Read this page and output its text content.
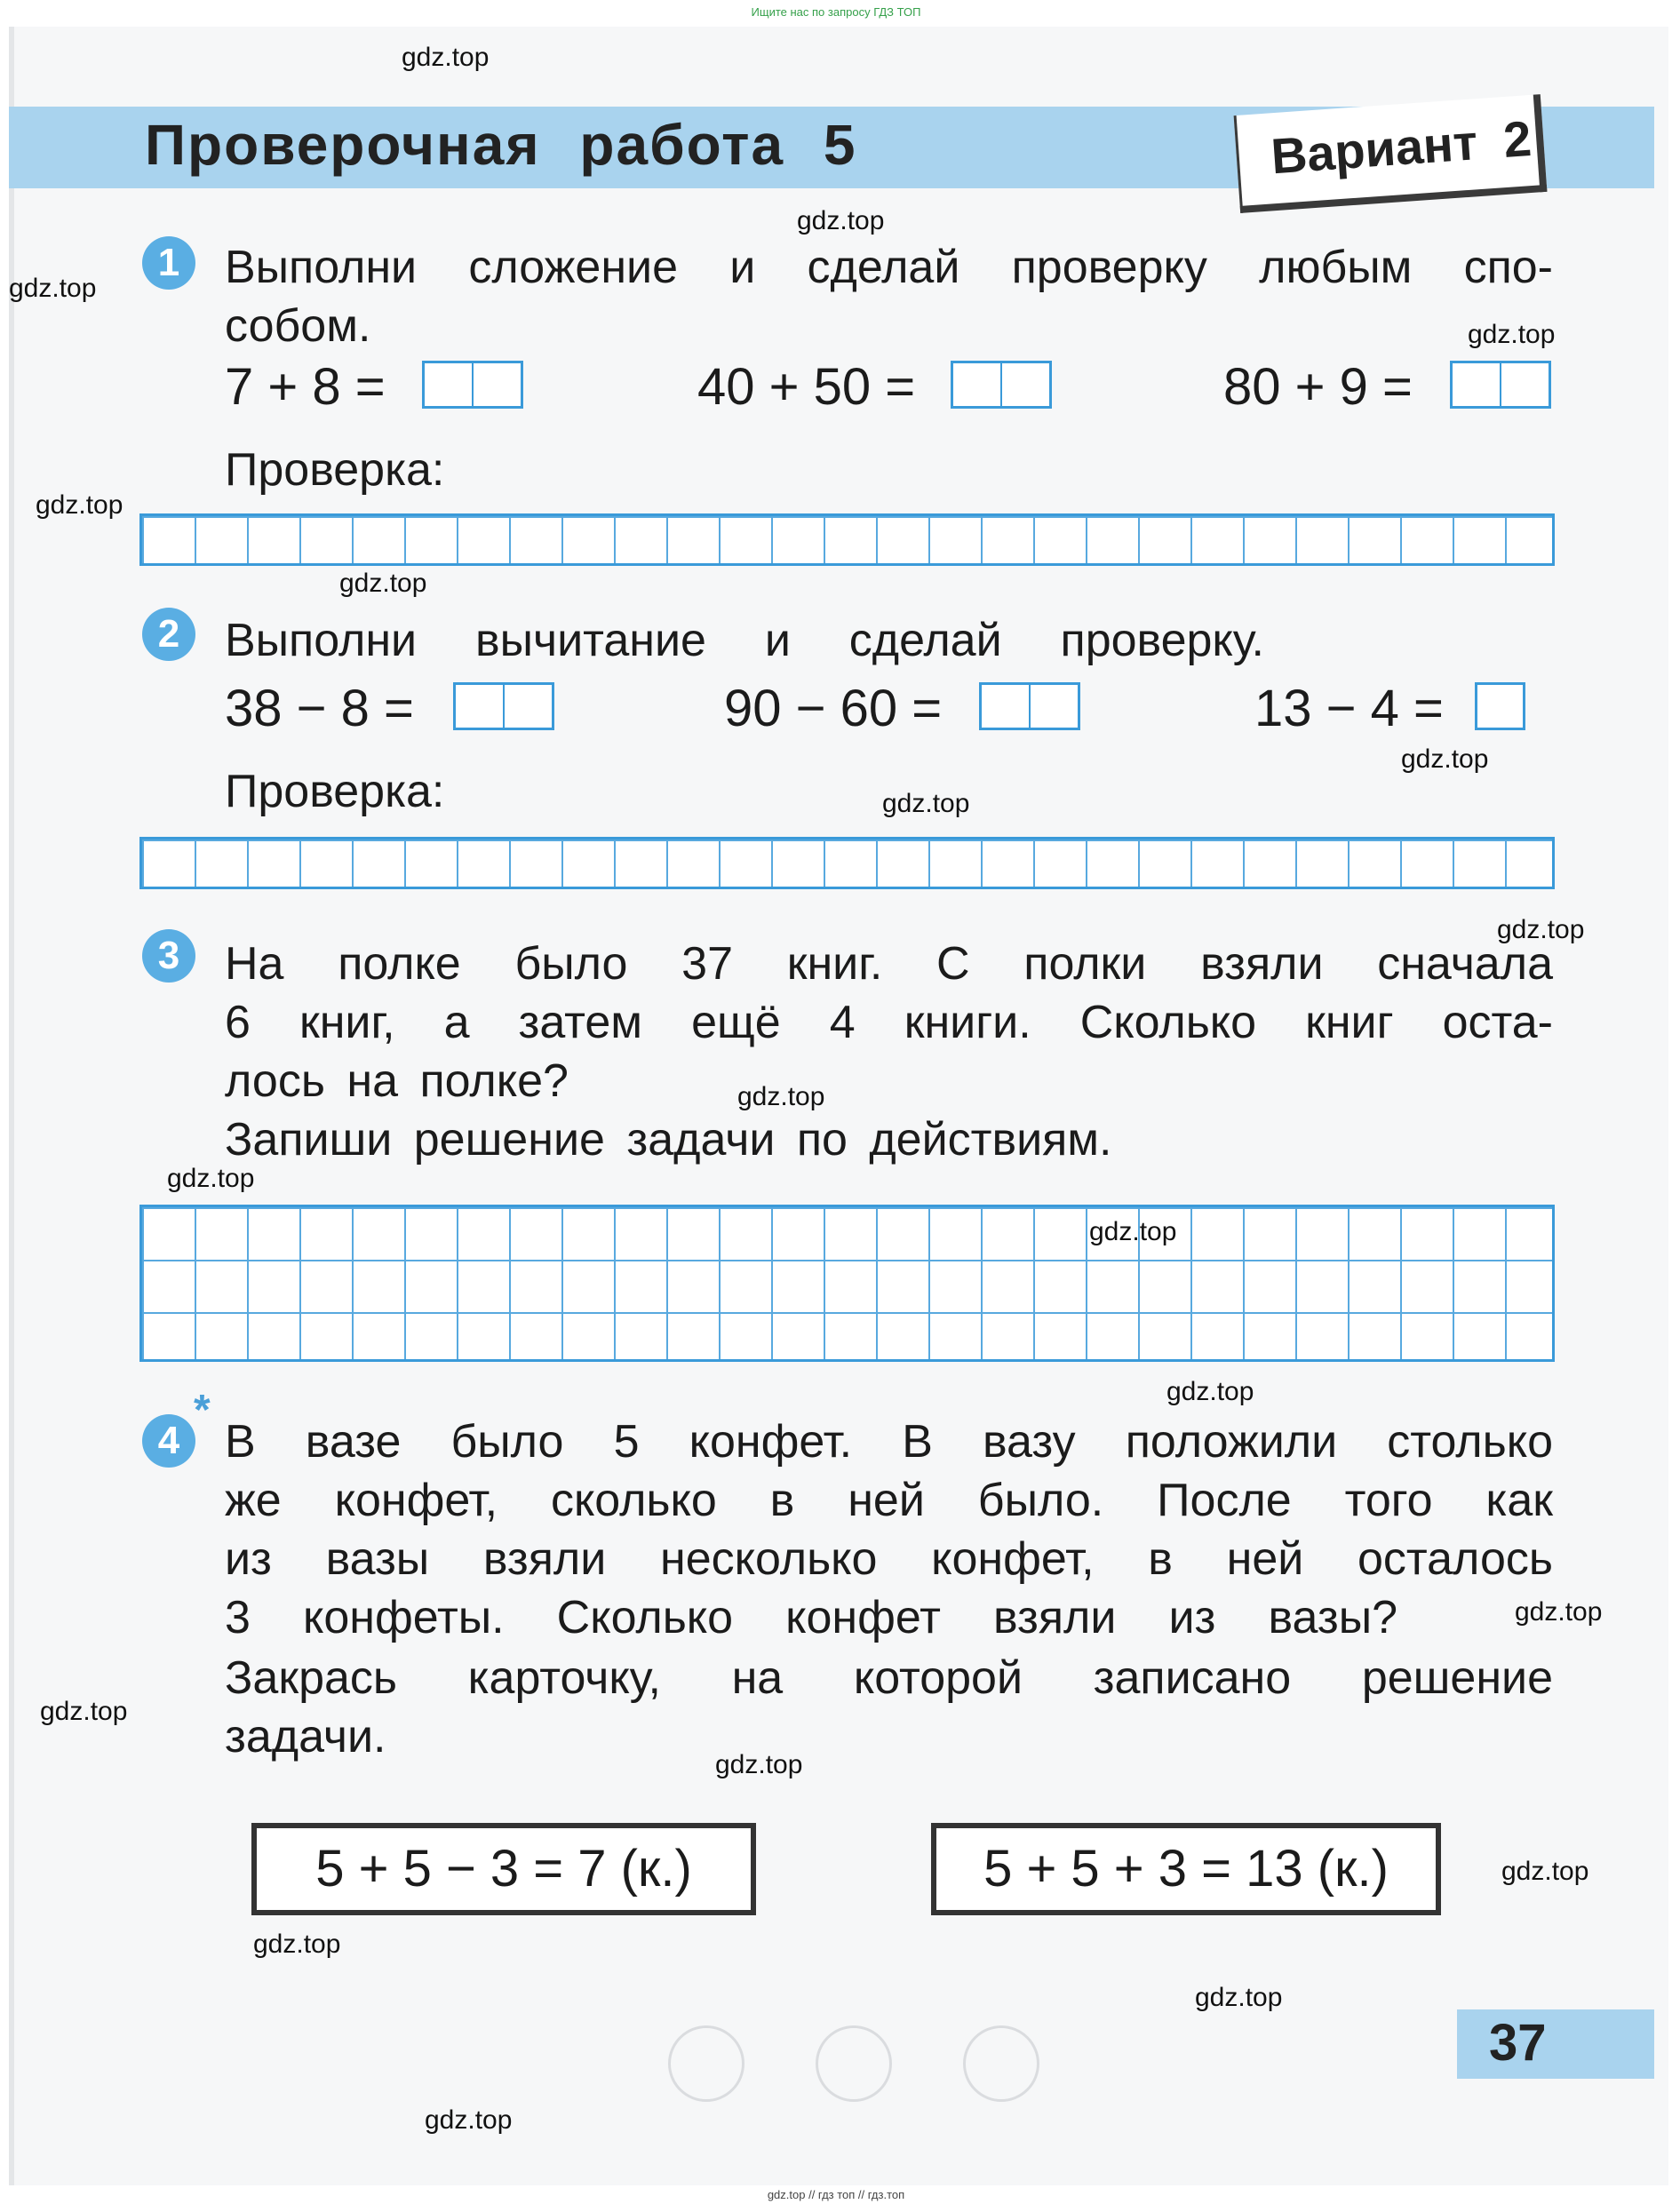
Ищите нас по запросу ГДЗ ТОП
Проверочная работа 5	Вариант 2
1 Выполни сложение и сделай проверку любым спо-
собом.
7 + 8 =	40 + 50 =	80 + 9 =
Проверка:
2 Выполни вычитание и сделай проверку.
38 − 8 =	90 − 60 =	13 − 4 =
Проверка:
3 На полке было 37 книг. С полки взяли сначала
6 книг, а затем ещё 4 книги. Сколько книг оста-
лось на полке?
Запиши решение задачи по действиям.
4
*
В вазе было 5 конфет. В вазу положили столько
же конфет, сколько в ней было. После того как
из вазы взяли несколько конфет, в ней осталось
3 конфеты. Сколько конфет взяли из вазы?
Закрась карточку, на которой записано решение
задачи.
5 + 5 − 3 = 7 (к.)	5 + 5 + 3 = 13 (к.)
37
gdz.top
gdz.top
gdz.top
gdz.top
gdz.top
gdz.top
gdz.top
gdz.top
gdz.top
gdz.top
gdz.top
gdz.top
gdz.top
gdz.top
gdz.top
gdz.top
gdz.top
gdz.top
gdz.top
gdz.top
gdz.top // гдз топ // гдз.топ
